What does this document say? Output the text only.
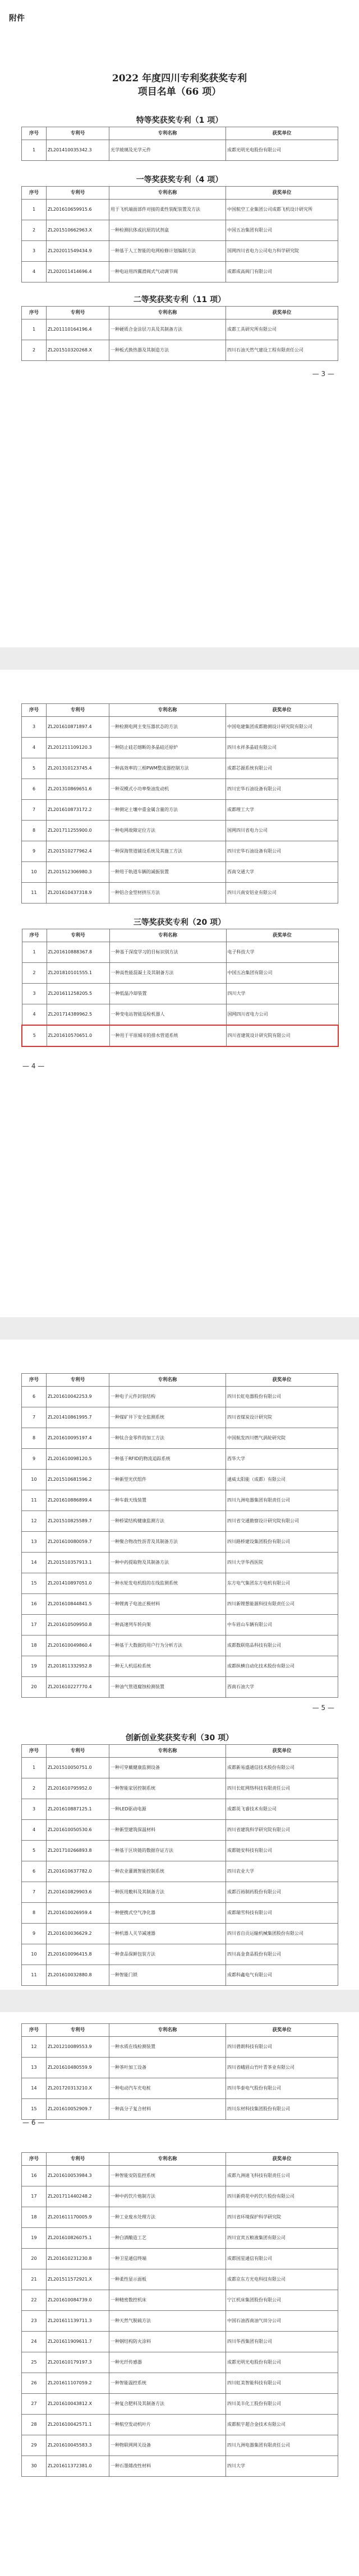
附件
2022 年度四川专利奖获奖专利
项目名单（66 项）
特等奖获奖专利（1 项）
序号	专利号	专利名称	获奖单位
1	ZL201410035342.3	光学玻璃及光学元件	成都光明光电股份有限公司
一等奖获奖专利（4 项）
序号	专利号	专利名称	获奖单位
1	ZL201610659915.6	用于飞机端面部件对接的柔性装配装置及方法	中国航空工业集团公司成都飞机设计研究所
2	ZL201510662963.X	一种检测抗体或抗原的试剂盒	中国五冶集团有限公司
3	ZL202011549434.9	一种基于人工智能的电网检修计划编制方法	国网四川省电力公司电力科学研究院
4	ZL202011414696.4	一种电站用四翼滑阀式气动调节阀	成都成高阀门有限公司
二等奖获奖专利（11 项）
序号	专利号	专利名称	获奖单位
1	ZL201110164196.4	一种硬质合金涂层刀具及其制备方法	成都工具研究所有限公司
2	ZL201510320268.X	一种板式换热器及其制造方法	四川石油天然气建设工程有限责任公司
— 3 —
序号	专利号	专利名称	获奖单位
3	ZL201610871897.4	一种检测电网主变压器状态的方法	中国电建集团成都勘测设计研究院有限公司
4	ZL201211109120.3	一种防止硅芯熔断的多晶硅还原炉	四川永祥多晶硅有限公司
5	ZL201310123745.4	一种高效率的三相PWM整流器控制方法	成都芯源系统有限公司
6	ZL201310869651.6	一种双模式小功率柴油发动机	四川宏华石油设备有限公司
7	ZL201610873172.2	一种测定土壤中重金属含量的方法	成都理工大学
8	ZL201711255900.0	一种电网故障定位方法	国网四川省电力公司
9	ZL201510277962.4	一种深海管道铺设系统及其施工方法	四川宏华石油设备有限公司
10	ZL201512306980.3	一种用于轨道车辆的减振装置	西南交通大学
11	ZL201610437318.9	一种铝合金型材挤压方法	四川兴南安铝业有限公司
三等奖获奖专利（20 项）
序号	专利号	专利名称	获奖单位
1	ZL201610888367.8	一种基于深度学习的目标识别方法	电子科技大学
2	ZL201810101555.1	一种高性能混凝土及其制备方法	中国五冶集团有限公司
3	ZL201611258205.5	一种低温冷却装置	四川大学
4	ZL201714389962.5	一种变电站智能巡检机器人	国网四川省电力公司
5	ZL201610570651.0	一种用于平原城市的排水管道系统	四川省建筑设计研究院有限公司
— 4 —
序号	专利号	专利名称	获奖单位
6	ZL201610042253.9	一种电子元件封装结构	四川长虹电器股份有限公司
7	ZL201410861995.7	一种煤矿井下安全监测系统	四川省煤炭设计研究院
8	ZL201610095197.4	一种钛合金零件的加工方法	中国航发四川燃气涡轮研究院
9	ZL201610098120.5	一种基于RFID的物流追踪系统	西华大学
10	ZL201510681596.2	一种新型光伏组件	通威太阳能（成都）有限公司
11	ZL201610886899.4	一种车载天线装置	四川九洲电器集团有限责任公司
12	ZL201510825589.7	一种桥梁结构健康监测方法	四川省交通勘察设计研究院有限公司
13	ZL201610080059.7	一种聚合物改性沥青及其制备方法	四川路桥建设集团股份有限公司
14	ZL201510357913.1	一种中药提取物及其制备方法	四川大学华西医院
15	ZL201410897051.0	一种水轮发电机组的在线监测系统	东方电气集团东方电机有限公司
16	ZL201610844841.5	一种锂离子电池正极材料	四川新锂想能源科技有限责任公司
17	ZL201610509950.8	一种高速列车转向架	中车眉山车辆有限公司
18	ZL201610049860.4	一种基于大数据的用户行为分析方法	成都数联铭品科技有限公司
19	ZL201811332952.8	一种无人机巡检系统	成都纵横自动化技术股份有限公司
20	ZL201610227770.4	一种油气管道腐蚀检测装置	西南石油大学
— 5 —
创新创业奖获奖专利（30 项）
序号	专利号	专利名称	获奖单位
1	ZL201510050751.0	一种可穿戴健康监测设备	成都新易盛通信技术股份有限公司
2	ZL201610795952.0	一种智能家居控制系统	四川长虹网络科技有限责任公司
3	ZL201610887125.1	一种LED驱动电源	成都英飞睿技术有限公司
4	ZL201610050530.6	一种新型建筑保温材料	四川省建筑科学研究院有限公司
5	ZL201710266893.8	一种基于区块链的数据存证方法	成都链安科技有限公司
6	ZL201610637782.0	一种农业灌溉智能控制系统	四川农业大学
7	ZL201610829903.6	一种医用敷料及其制备方法	成都百裕制药股份有限公司
8	ZL201610026959.4	一种便携式空气净化器	成都瑞雪科技有限公司
9	ZL201610036629.2	一种机器人关节减速器	四川省自贡运输机械集团股份有限公司
10	ZL201610096415.8	一种食品保鲜包装方法	四川高金食品股份有限公司
11	ZL201610032880.8	一种智能门锁	成都科鑫电气有限公司
序号	专利号	专利名称	获奖单位
12	ZL201210089553.9	一种水质在线检测装置	四川碧朗科技有限公司
13	ZL201610480559.9	一种茶叶加工设备	四川省峨眉山竹叶青茶业有限公司
14	ZL201720313210.X	一种电动汽车充电桩	四川华泰电气股份有限公司
15	ZL201610052909.7	一种高分子复合材料	四川东材科技集团股份有限公司
— 6 —
序号	专利号	专利名称	获奖单位
16	ZL201610053984.3	一种智能安防监控系统	成都九洲迪飞科技有限责任公司
17	ZL201711440248.2	一种中药饮片炮制方法	四川新荷花中药饮片股份有限公司
18	ZL201611170005.9	一种工业废水处理方法	四川省环境保护科学研究院
19	ZL201610826075.1	一种白酒酿造工艺	四川宜宾五粮液集团有限公司
20	ZL201610231230.8	一种卫星通信终端	成都国星通信有限公司
21	ZL201511572921.X	一种柔性显示面板	成都京东方光电科技有限公司
22	ZL201610084739.0	一种精密数控机床	宁江机床集团股份有限公司
23	ZL201611139711.3	一种天然气脱硫方法	中国石油西南油气田分公司
24	ZL201611909611.7	一种钢结构防火涂料	四川华西集团有限公司
25	ZL201610179197.3	一种光纤传感器	成都光明光电股份有限公司
26	ZL201611107059.2	一种智能温控系统	四川虹美智能科技有限公司
27	ZL201610043812.X	一种复合肥料及其制备方法	四川美丰化工股份有限公司
28	ZL201610042571.1	一种航空发动机叶片	成都航宇超合金技术有限公司
29	ZL201610045583.3	一种物联网网关设备	四川九洲电器集团有限责任公司
30	ZL201611372381.0	一种石墨烯改性材料	四川大学
